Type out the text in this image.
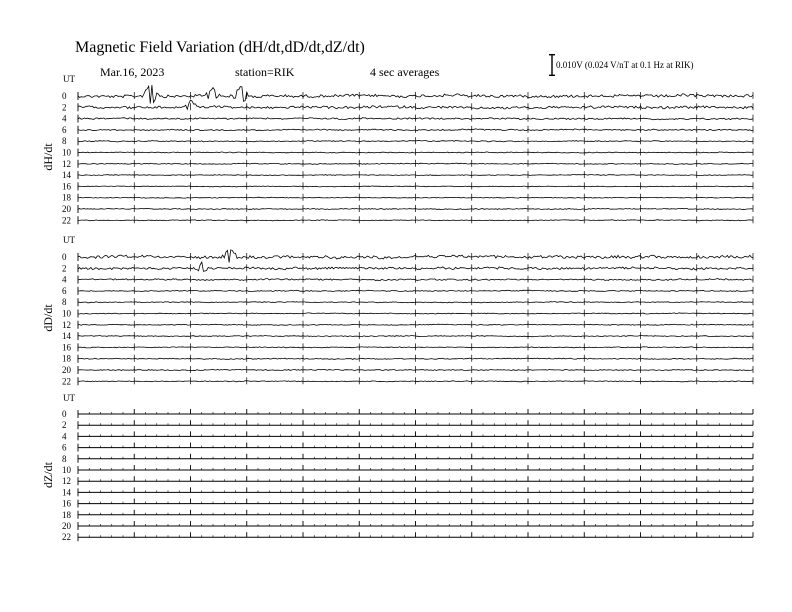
Magnetic Field Variation (dH/dt,dD/dt,dZ/dt)
Mar.16, 2023	station=RIK	4 sec averages	0.010V (0.024 V/nT at 0.1 Hz at RIK)
UT
dH/dt
0
2
4
6
8
10
12
14
16
18
20
22
UT
dD/dt
0
2
4
6
8
10
12
14
16
18
20
22
UT
dZ/dt
0
2
4
6
8
10
12
14
16
18
20
22
